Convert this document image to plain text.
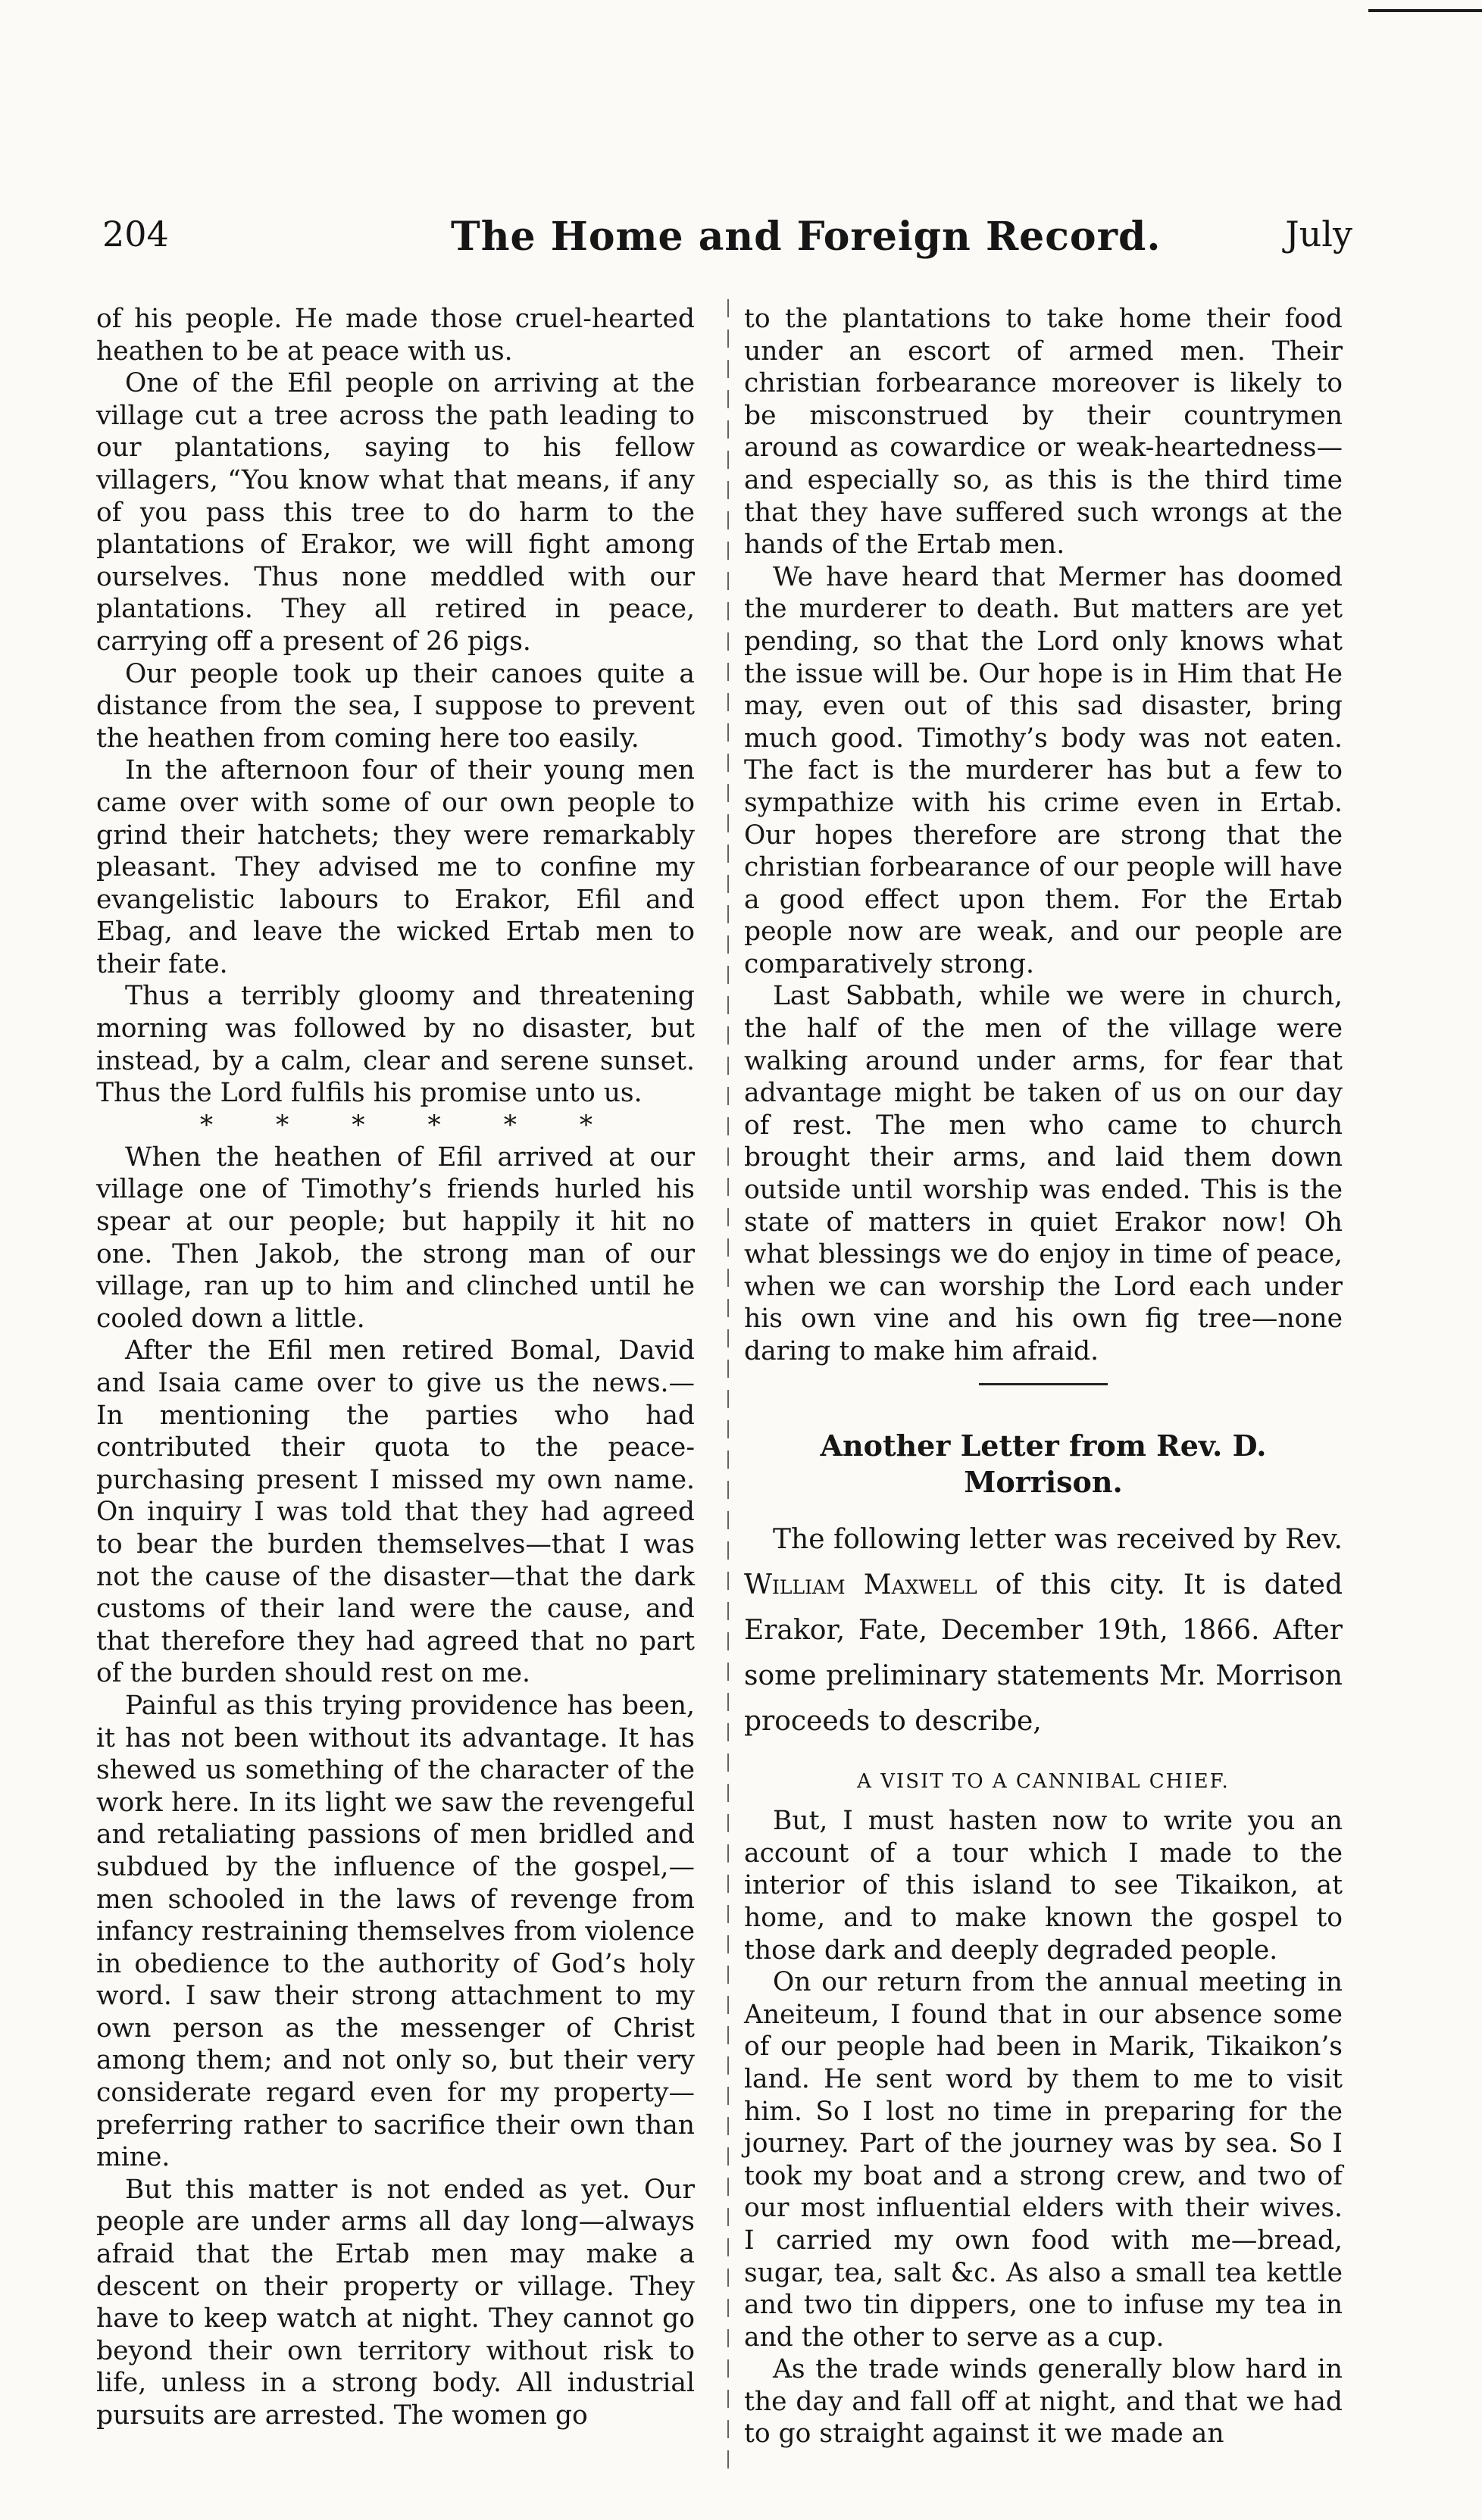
204	The Home and Foreign Record.	July

of his people. He made those cruel-hearted heathen to be at peace with us.

One of the Efil people on arriving at the village cut a tree across the path leading to our plantations, saying to his fellow villagers, “You know what that means, if any of you pass this tree to do harm to the plantations of Erakor, we will fight among ourselves. Thus none meddled with our plantations. They all retired in peace, carrying off a present of 26 pigs.

Our people took up their canoes quite a distance from the sea, I suppose to prevent the heathen from coming here too easily.

In the afternoon four of their young men came over with some of our own people to grind their hatchets; they were remarkably pleasant. They advised me to confine my evangelistic labours to Erakor, Efil and Ebag, and leave the wicked Ertab men to their fate.

Thus a terribly gloomy and threatening morning was followed by no disaster, but instead, by a calm, clear and serene sunset. Thus the Lord fulfils his promise unto us.

* * * * * *

When the heathen of Efil arrived at our village one of Timothy’s friends hurled his spear at our people; but happily it hit no one. Then Jakob, the strong man of our village, ran up to him and clinched until he cooled down a little.

After the Efil men retired Bomal, David and Isaia came over to give us the news.— In mentioning the parties who had contributed their quota to the peace-purchasing present I missed my own name. On inquiry I was told that they had agreed to bear the burden themselves—that I was not the cause of the disaster—that the dark customs of their land were the cause, and that therefore they had agreed that no part of the burden should rest on me.

Painful as this trying providence has been, it has not been without its advantage. It has shewed us something of the character of the work here. In its light we saw the revengeful and retaliating passions of men bridled and subdued by the influence of the gospel,—men schooled in the laws of revenge from infancy restraining themselves from violence in obedience to the authority of God’s holy word. I saw their strong attachment to my own person as the messenger of Christ among them; and not only so, but their very considerate regard even for my property—preferring rather to sacrifice their own than mine.

But this matter is not ended as yet. Our people are under arms all day long—always afraid that the Ertab men may make a descent on their property or village. They have to keep watch at night. They cannot go beyond their own territory without risk to life, unless in a strong body. All industrial pursuits are arrested. The women go

to the plantations to take home their food under an escort of armed men. Their christian forbearance moreover is likely to be misconstrued by their countrymen around as cowardice or weak-heartedness—and especially so, as this is the third time that they have suffered such wrongs at the hands of the Ertab men.

We have heard that Mermer has doomed the murderer to death. But matters are yet pending, so that the Lord only knows what the issue will be. Our hope is in Him that He may, even out of this sad disaster, bring much good. Timothy’s body was not eaten. The fact is the murderer has but a few to sympathize with his crime even in Ertab. Our hopes therefore are strong that the christian forbearance of our people will have a good effect upon them. For the Ertab people now are weak, and our people are comparatively strong.

Last Sabbath, while we were in church, the half of the men of the village were walking around under arms, for fear that advantage might be taken of us on our day of rest. The men who came to church brought their arms, and laid them down outside until worship was ended. This is the state of matters in quiet Erakor now! Oh what blessings we do enjoy in time of peace, when we can worship the Lord each under his own vine and his own fig tree—none daring to make him afraid.

Another Letter from Rev. D. Morrison.

The following letter was received by Rev. William Maxwell of this city. It is dated Erakor, Fate, December 19th, 1866. After some preliminary statements Mr. Morrison proceeds to describe,

A VISIT TO A CANNIBAL CHIEF.

But, I must hasten now to write you an account of a tour which I made to the interior of this island to see Tikaikon, at home, and to make known the gospel to those dark and deeply degraded people.

On our return from the annual meeting in Aneiteum, I found that in our absence some of our people had been in Marik, Tikaikon’s land. He sent word by them to me to visit him. So I lost no time in preparing for the journey. Part of the journey was by sea. So I took my boat and a strong crew, and two of our most influential elders with their wives. I carried my own food with me—bread, sugar, tea, salt &c. As also a small tea kettle and two tin dippers, one to infuse my tea in and the other to serve as a cup.

As the trade winds generally blow hard in the day and fall off at night, and that we had to go straight against it we made an
